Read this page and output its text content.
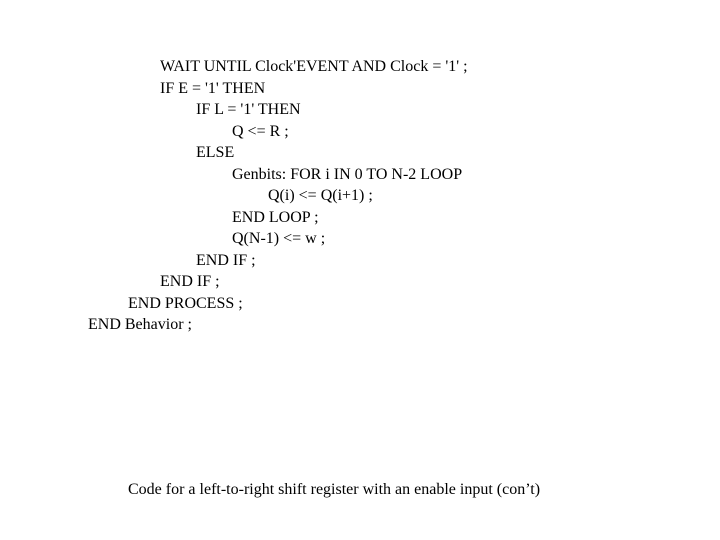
WAIT UNTIL Clock'EVENT AND Clock = '1' ;
IF E = '1' THEN
IF L = '1' THEN
Q <= R ;
ELSE
Genbits: FOR i IN 0 TO N-2 LOOP
Q(i) <= Q(i+1) ;
END LOOP ;
Q(N-1) <= w ;
END IF ;
END IF ;
END PROCESS ;
END Behavior ;
Code for a left-to-right shift register with an enable input (con’t)
